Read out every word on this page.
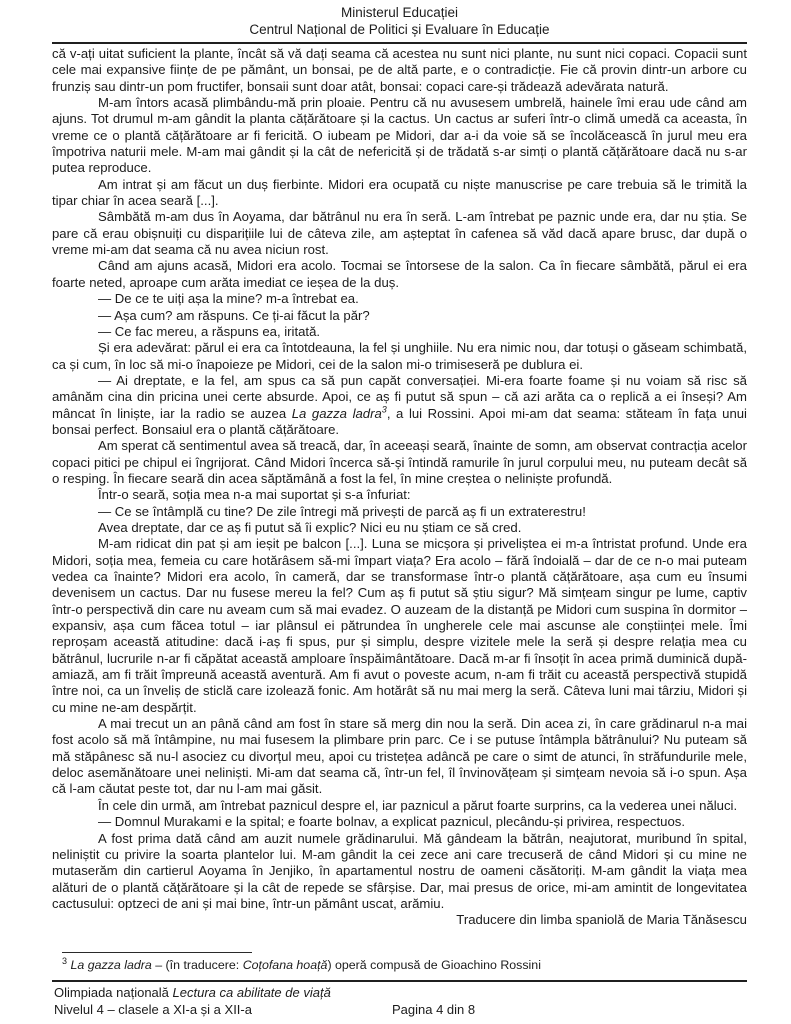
Ministerul Educației
Centrul Național de Politici și Evaluare în Educație

că v-ați uitat suficient la plante, încât să vă dați seama că acestea nu sunt nici plante, nu sunt nici copaci. Copacii sunt cele mai expansive ființe de pe pământ, un bonsai, pe de altă parte, e o contradicție. Fie că provin dintr-un arbore cu frunziș sau dintr-un pom fructifer, bonsaii sunt doar atât, bonsai: copaci care-și trădează adevărata natură.

M-am întors acasă plimbându-mă prin ploaie. Pentru că nu avusesem umbrelă, hainele îmi erau ude când am ajuns. Tot drumul m-am gândit la planta cățărătoare și la cactus. Un cactus ar suferi într-o climă umedă ca aceasta, în vreme ce o plantă cățărătoare ar fi fericită. O iubeam pe Midori, dar a-i da voie să se încolăcească în jurul meu era împotriva naturii mele. M-am mai gândit și la cât de nefericită și de trădată s-ar simți o plantă cățărătoare dacă nu s-ar putea reproduce.

Am intrat și am făcut un duș fierbinte. Midori era ocupată cu niște manuscrise pe care trebuia să le trimită la tipar chiar în acea seară [...].

Sâmbătă m-am dus în Aoyama, dar bătrânul nu era în seră. L-am întrebat pe paznic unde era, dar nu știa. Se pare că erau obișnuiți cu disparițiile lui de câteva zile, am așteptat în cafenea să văd dacă apare brusc, dar după o vreme mi-am dat seama că nu avea niciun rost.

Când am ajuns acasă, Midori era acolo. Tocmai se întorsese de la salon. Ca în fiecare sâmbătă, părul ei era foarte neted, aproape cum arăta imediat ce ieșea de la duș.

— De ce te uiți așa la mine? m-a întrebat ea.

— Așa cum? am răspuns. Ce ți-ai făcut la păr?

— Ce fac mereu, a răspuns ea, iritată.

Și era adevărat: părul ei era ca întotdeauna, la fel și unghiile. Nu era nimic nou, dar totuși o găseam schimbată, ca și cum, în loc să mi-o înapoieze pe Midori, cei de la salon mi-o trimiseseră pe dublura ei.

— Ai dreptate, e la fel, am spus ca să pun capăt conversației. Mi-era foarte foame și nu voiam să risc să amânăm cina din pricina unei certe absurde. Apoi, ce aș fi putut să spun – că azi arăta ca o replică a ei înseși? Am mâncat în liniște, iar la radio se auzea La gazza ladra$^3$, a lui Rossini. Apoi mi-am dat seama: stăteam în fața unui bonsai perfect. Bonsaiul era o plantă cățărătoare.

Am sperat că sentimentul avea să treacă, dar, în aceeași seară, înainte de somn, am observat contracția acelor copaci pitici pe chipul ei îngrijorat. Când Midori încerca să-și întindă ramurile în jurul corpului meu, nu puteam decât să o resping. În fiecare seară din acea săptămână a fost la fel, în mine creștea o neliniște profundă.

Într-o seară, soția mea n-a mai suportat și s-a înfuriat:

— Ce se întâmplă cu tine? De zile întregi mă privești de parcă aș fi un extraterestru!

Avea dreptate, dar ce aș fi putut să îi explic? Nici eu nu știam ce să cred.

M-am ridicat din pat și am ieșit pe balcon [...]. Luna se micșora și priveliștea ei m-a întristat profund. Unde era Midori, soția mea, femeia cu care hotărâsem să-mi împart viața? Era acolo – fără îndoială – dar de ce n-o mai puteam vedea ca înainte? Midori era acolo, în cameră, dar se transformase într-o plantă cățărătoare, așa cum eu însumi devenisem un cactus. Dar nu fusese mereu la fel? Cum aș fi putut să știu sigur? Mă simțeam singur pe lume, captiv într-o perspectivă din care nu aveam cum să mai evadez. O auzeam de la distanță pe Midori cum suspina în dormitor – expansiv, așa cum făcea totul – iar plânsul ei pătrundea în ungherele cele mai ascunse ale conștiinței mele. Îmi reproșam această atitudine: dacă i-aș fi spus, pur și simplu, despre vizitele mele la seră și despre relația mea cu bătrânul, lucrurile n-ar fi căpătat această amploare înspăimântătoare. Dacă m-ar fi însoțit în acea primă duminică după-amiază, am fi trăit împreună această aventură. Am fi avut o poveste acum, n-am fi trăit cu această perspectivă stupidă între noi, ca un înveliș de sticlă care izolează fonic. Am hotărât să nu mai merg la seră. Câteva luni mai târziu, Midori și cu mine ne-am despărțit.

A mai trecut un an până când am fost în stare să merg din nou la seră. Din acea zi, în care grădinarul n-a mai fost acolo să mă întâmpine, nu mai fusesem la plimbare prin parc. Ce i se putuse întâmpla bătrânului? Nu puteam să mă stăpânesc să nu-l asociez cu divorțul meu, apoi cu tristețea adâncă pe care o simt de atunci, în străfundurile mele, deloc asemănătoare unei neliniști. Mi-am dat seama că, într-un fel, îl învinovățeam și simțeam nevoia să i-o spun. Așa că l-am căutat peste tot, dar nu l-am mai găsit.

În cele din urmă, am întrebat paznicul despre el, iar paznicul a părut foarte surprins, ca la vederea unei năluci.

— Domnul Murakami e la spital; e foarte bolnav, a explicat paznicul, plecându-și privirea, respectuos.

A fost prima dată când am auzit numele grădinarului. Mă gândeam la bătrân, neajutorat, muribund în spital, neliniștit cu privire la soarta plantelor lui. M-am gândit la cei zece ani care trecuseră de când Midori și cu mine ne mutaserăm din cartierul Aoyama în Jenjiko, în apartamentul nostru de oameni căsătoriți. M-am gândit la viața mea alături de o plantă cățărătoare și la cât de repede se sfârșise. Dar, mai presus de orice, mi-am amintit de longevitatea cactusului: optzeci de ani și mai bine, într-un pământ uscat, arămiu.

Traducere din limba spaniolă de Maria Tănăsescu

$^3$ La gazza ladra – (în traducere: Coțofana hoață) operă compusă de Gioachino Rossini

Olimpiada națională Lectura ca abilitate de viață

Nivelul 4 – clasele a XI-a și a XII-a	Pagina 4 din 8
